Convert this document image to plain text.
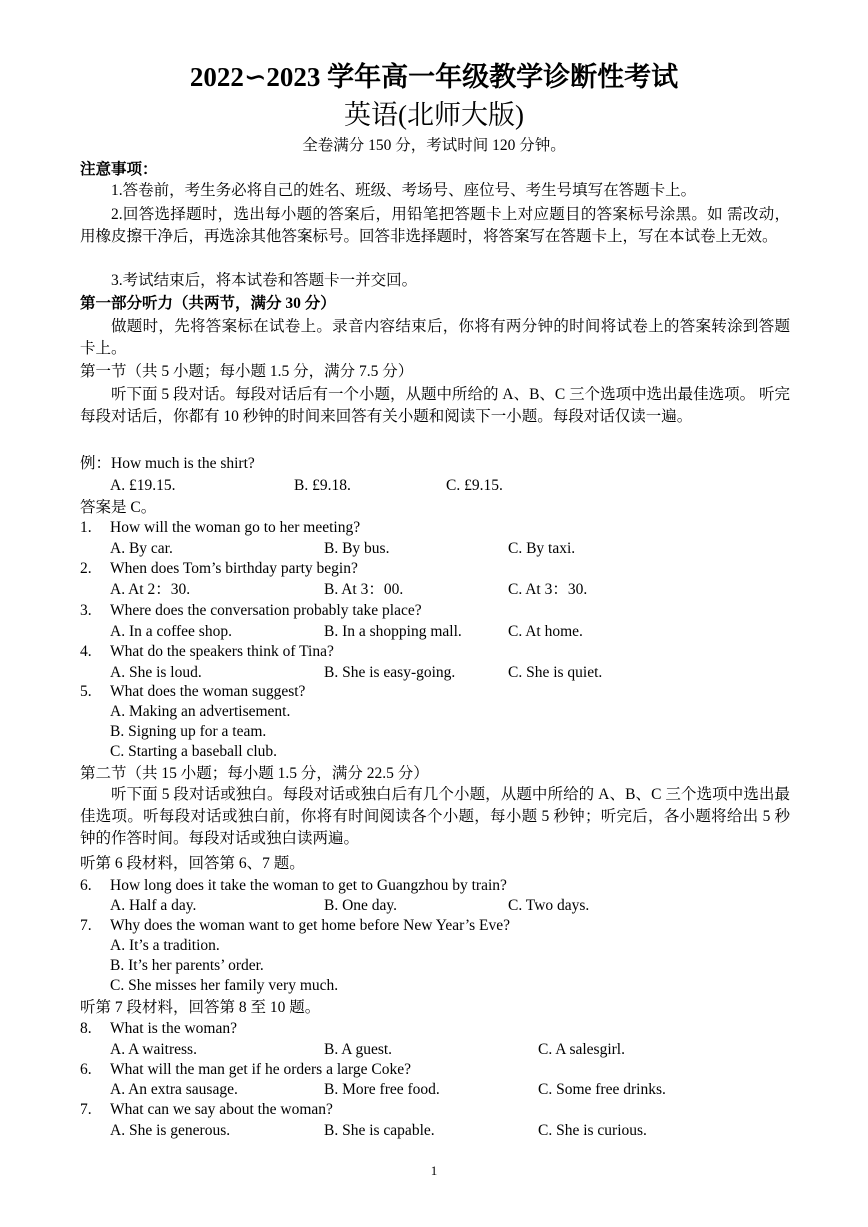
2022∽2023 学年高一年级教学诊断性考试
英语(北师大版)
全卷满分 150 分，考试时间 120 分钟。
注意事项：
1.答卷前，考生务必将自己的姓名、班级、考场号、座位号、考生号填写在答题卡上。
2.回答选择题时，选出每小题的答案后，用铅笔把答题卡上对应题目的答案标号涂黑。如 需改动，用橡皮擦干净后，再选涂其他答案标号。回答非选择题时，将答案写在答题卡上，写在本试卷上无效。
3.考试结束后，将本试卷和答题卡一并交回。
第一部分听力（共两节，满分 30 分）
做题时，先将答案标在试卷上。录音内容结束后，你将有两分钟的时间将试卷上的答案转涂到答题卡上。
第一节（共 5 小题；每小题 1.5 分，满分 7.5 分）
听下面 5 段对话。每段对话后有一个小题，从题中所给的 A、B、C 三个选项中选出最佳选项。 听完每段对话后，你都有 10 秒钟的时间来回答有关小题和阅读下一小题。每段对话仅读一遍。
例：How much is the shirt?
A. £19.15.	B. £9.18.	C. £9.15.
答案是 C。
1. How will the woman go to her meeting?
A. By car.	B. By bus.	C. By taxi.
2. When does Tom’s birthday party begin?
A. At 2：30.	B. At 3：00.	C. At 3：30.
3. Where does the conversation probably take place?
A. In a coffee shop.	B. In a shopping mall.	C. At home.
4. What do the speakers think of Tina?
A. She is loud.	B. She is easy-going.	C. She is quiet.
5. What does the woman suggest?
A. Making an advertisement.
B. Signing up for a team.
C. Starting a baseball club.
第二节（共 15 小题；每小题 1.5 分，满分 22.5 分）
听下面 5 段对话或独白。每段对话或独白后有几个小题，从题中所给的 A、B、C 三个选项中选出最佳选项。听每段对话或独白前，你将有时间阅读各个小题，每小题 5 秒钟；听完后，各小题将给出 5 秒钟的作答时间。每段对话或独白读两遍。
听第 6 段材料，回答第 6、7 题。
6. How long does it take the woman to get to Guangzhou by train?
A. Half a day.	B. One day.	C. Two days.
7. Why does the woman want to get home before New Year’s Eve?
A. It’s a tradition.
B. It’s her parents’ order.
C. She misses her family very much.
听第 7 段材料，回答第 8 至 10 题。
8. What is the woman?
A. A waitress.	B. A guest.	C. A salesgirl.
6. What will the man get if he orders a large Coke?
A. An extra sausage.	B. More free food.	C. Some free drinks.
7. What can we say about the woman?
A. She is generous.	B. She is capable.	C. She is curious.
1
